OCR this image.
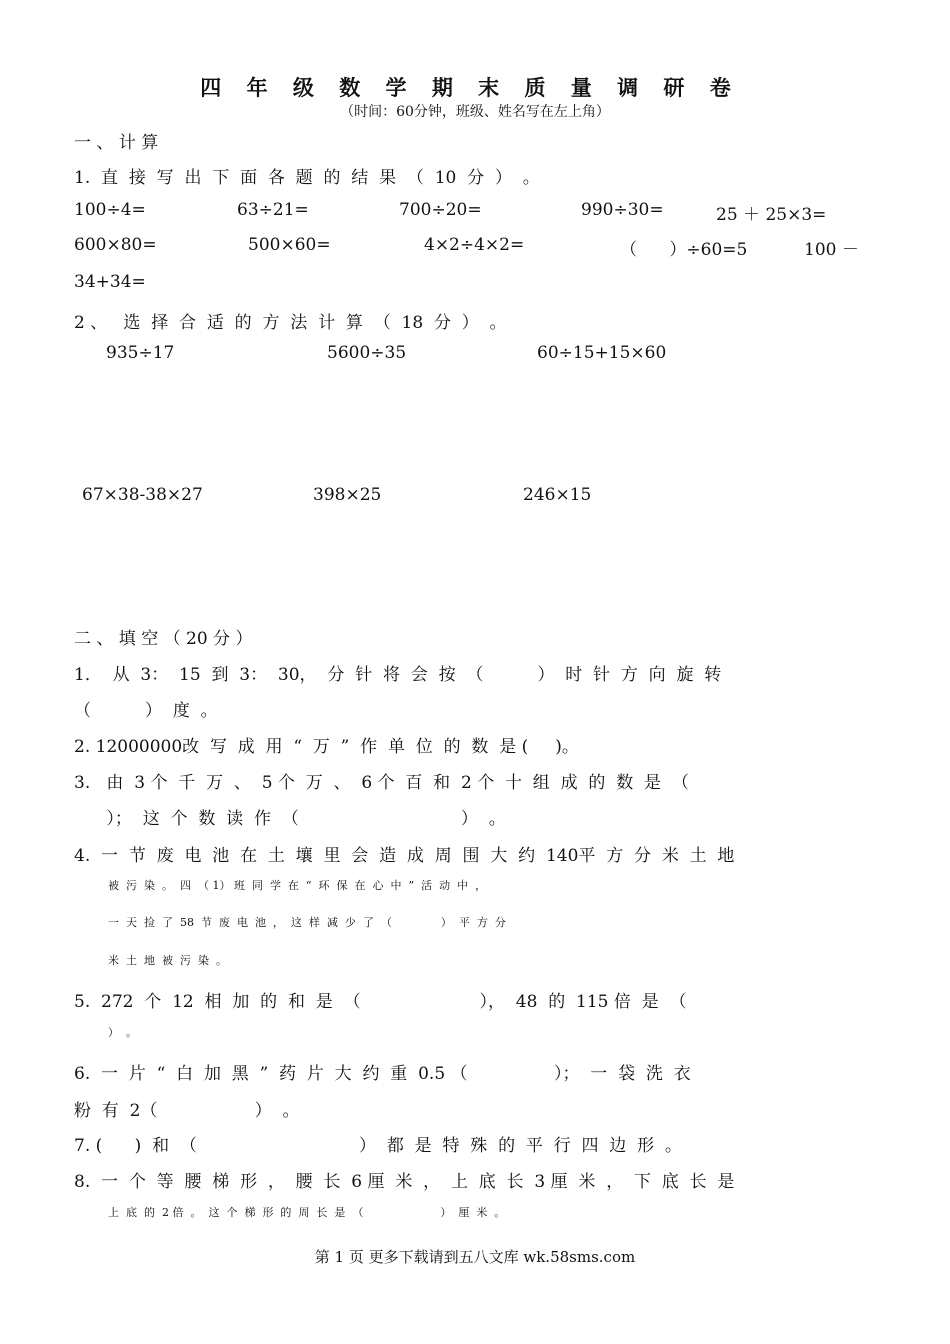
四 年 级 数 学 期 末 质 量 调 研 卷
（时间：60分钟，班级、姓名写在左上角）
一 、 计 算
1.  直  接  写  出  下  面  各  题  的  结  果  （  10  分  ）  。
100÷4=	63÷21=	700÷20=	990÷30=	25 ＋ 25×3=
600×80=	500×60=	4×2÷4×2=	（      ）÷60=5	100 －
34+34=
2 、   选  择  合  适  的  方  法  计  算  （  18  分  ）  。
935÷17	5600÷35	60÷15+15×60
67×38-38×27	398×25	246×15
二 、 填 空 （ 20 分 ）
1．  从  3：  15  到  3：  30，  分  针  将  会  按  （          ）  时  针  方  向  旋  转
（          ）  度  。
2. 12000000改  写  成  用  “  万  ”  作  单  位  的  数  是 (     )。
3.   由  3 个  千  万  、  5 个  万  、  6 个  百  和  2 个  十  组  成  的  数  是  （
）；  这  个  数  读  作  （                              ）  。
4.  一  节  废  电  池  在  土  壤  里  会  造  成  周  围  大  约  140平  方  分  米  土  地
被  污  染  。  四  （ 1） 班  同  学  在  “  环  保  在  心  中  ”  活  动  中  ，
一  天  捡  了  58  节  废  电  池  ，  这  样  减  少  了  （              ）  平  方  分
米  土  地  被  污  染  。
5.  272  个  12  相  加  的  和  是  （                      ），  48  的  115 倍  是  （
）  。
6.  一  片  “  白  加  黑  ”  药  片  大  约  重  0.5 （                ）；  一  袋  洗  衣
粉  有  2（                  ）  。
7. (      )  和  （                              ）  都  是  特  殊  的  平  行  四  边  形  。
8.  一  个  等  腰  梯  形  ，  腰  长  6 厘  米  ，  上  底  长  3 厘  米  ，  下  底  长  是
上  底  的  2 倍  。  这  个  梯  形  的  周  长  是  （                      ）  厘  米  。
第 1 页 更多下载请到五八文库 wk.58sms.com
